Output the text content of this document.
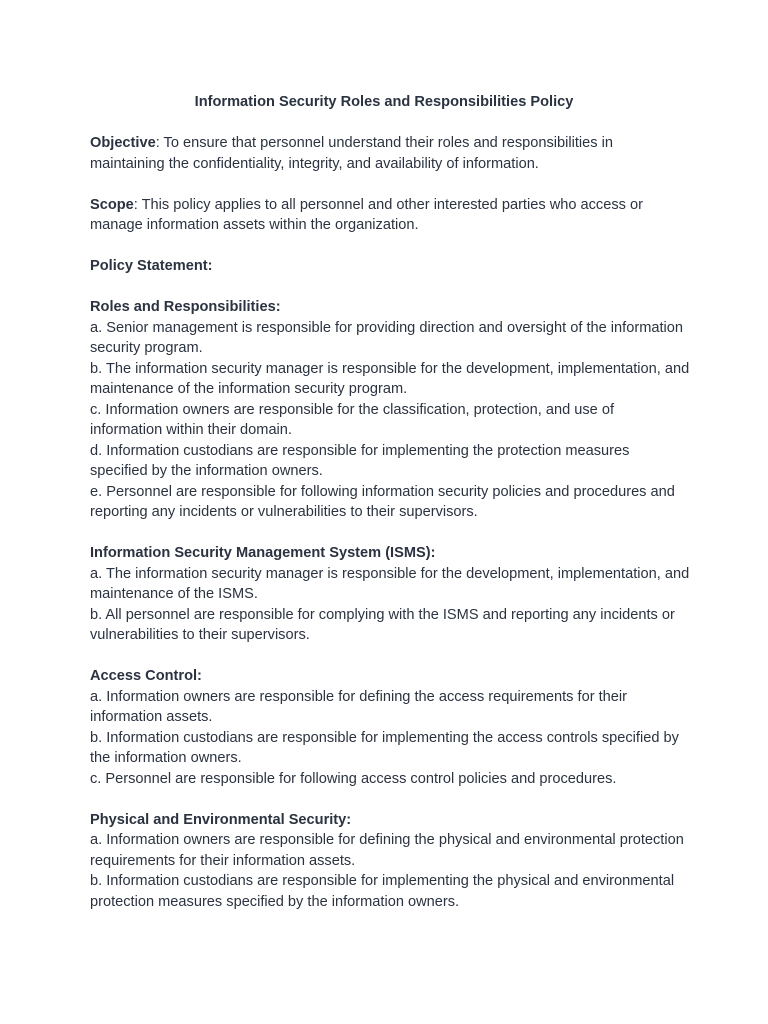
Information Security Roles and Responsibilities Policy

Objective: To ensure that personnel understand their roles and responsibilities in maintaining the confidentiality, integrity, and availability of information.

Scope: This policy applies to all personnel and other interested parties who access or manage information assets within the organization.

Policy Statement:

Roles and Responsibilities:

a. Senior management is responsible for providing direction and oversight of the information security program.

b. The information security manager is responsible for the development, implementation, and maintenance of the information security program.

c. Information owners are responsible for the classification, protection, and use of information within their domain.

d. Information custodians are responsible for implementing the protection measures specified by the information owners.

e. Personnel are responsible for following information security policies and procedures and reporting any incidents or vulnerabilities to their supervisors.

Information Security Management System (ISMS):

a. The information security manager is responsible for the development, implementation, and maintenance of the ISMS.

b. All personnel are responsible for complying with the ISMS and reporting any incidents or vulnerabilities to their supervisors.

Access Control:

a. Information owners are responsible for defining the access requirements for their information assets.

b. Information custodians are responsible for implementing the access controls specified by the information owners.

c. Personnel are responsible for following access control policies and procedures.

Physical and Environmental Security:

a. Information owners are responsible for defining the physical and environmental protection requirements for their information assets.

b. Information custodians are responsible for implementing the physical and environmental protection measures specified by the information owners.
